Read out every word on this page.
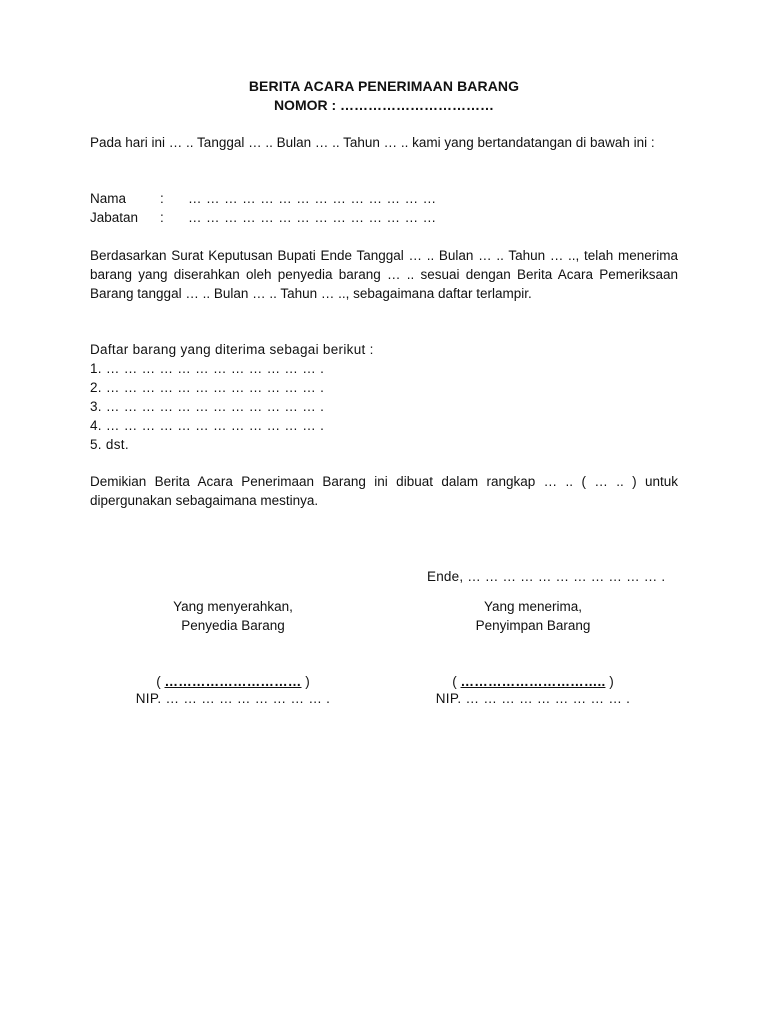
BERITA ACARA PENERIMAAN BARANG
NOMOR : ……………………………
Pada hari ini … .. Tanggal … .. Bulan … .. Tahun … .. kami yang bertandatangan di bawah ini :
Nama	: … … … … … … … … … … … … … …
Jabatan : … … … … … … … … … … … … … …
Berdasarkan Surat Keputusan Bupati Ende Tanggal … .. Bulan … .. Tahun … .., telah menerima barang yang diserahkan oleh penyedia barang … .. sesuai dengan Berita Acara Pemeriksaan Barang tanggal … .. Bulan … .. Tahun … .., sebagaimana daftar terlampir.
Daftar barang yang diterima sebagai berikut :
1. … … … … … … … … … … … … .
2. … … … … … … … … … … … … .
3. … … … … … … … … … … … … .
4. … … … … … … … … … … … … .
5. dst.
Demikian Berita Acara Penerimaan Barang ini dibuat dalam rangkap … .. ( … .. ) untuk dipergunakan sebagaimana mestinya.
Ende, … … … … … … … … … … … .
Yang menyerahkan,
Penyedia Barang
Yang menerima,
Penyimpan Barang
( ………………………… )
NIP. … … … … … … … … … .
( ………………………….. )
NIP. … … … … … … … … … .
